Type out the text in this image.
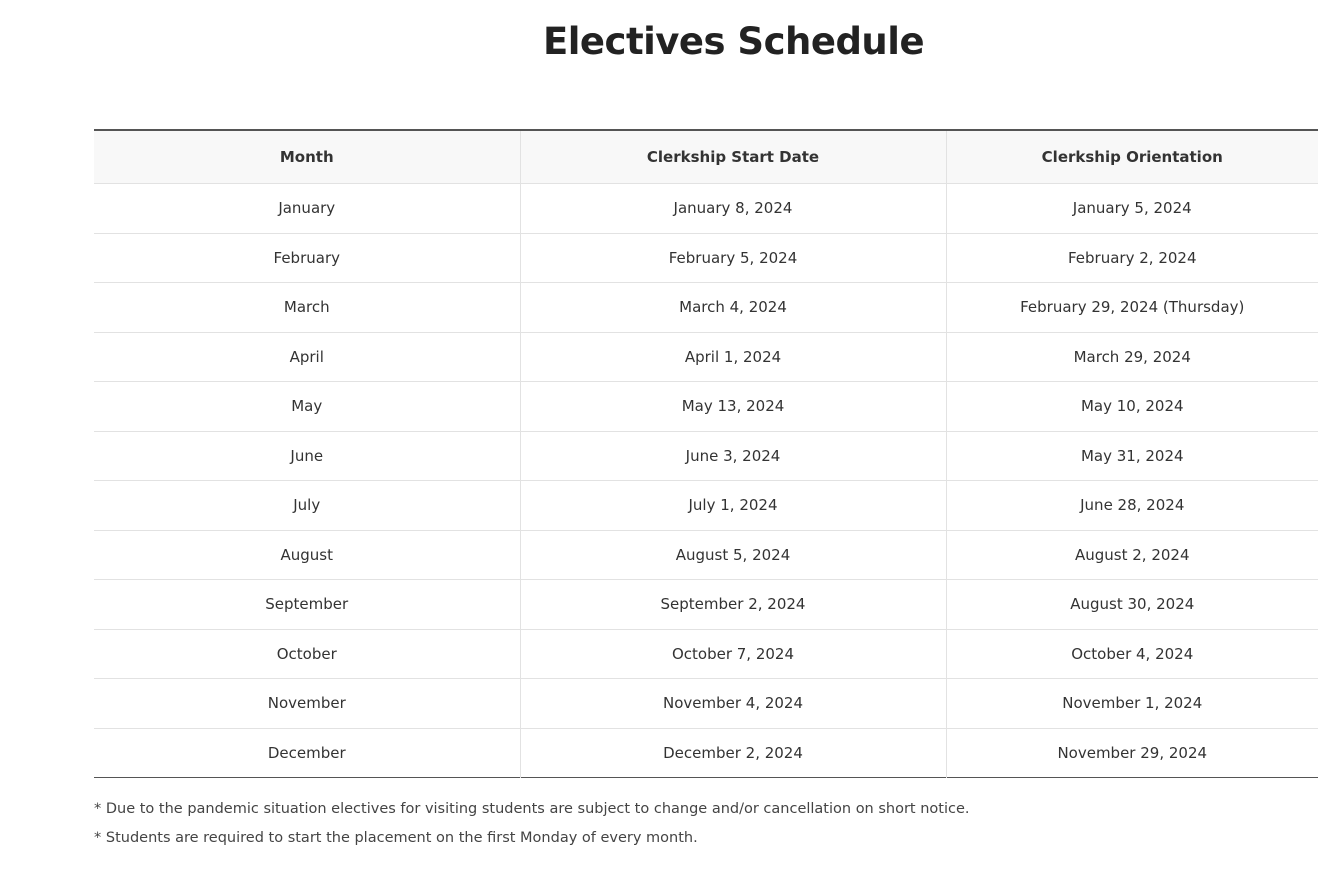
Electives Schedule
Month	Clerkship Start Date	Clerkship Orientation
January	January 8, 2024	January 5, 2024
February	February 5, 2024	February 2, 2024
March	March 4, 2024	February 29, 2024 (Thursday)
April	April 1, 2024	March 29, 2024
May	May 13, 2024	May 10, 2024
June	June 3, 2024	May 31, 2024
July	July 1, 2024	June 28, 2024
August	August 5, 2024	August 2, 2024
September	September 2, 2024	August 30, 2024
October	October 7, 2024	October 4, 2024
November	November 4, 2024	November 1, 2024
December	December 2, 2024	November 29, 2024

* Due to the pandemic situation electives for visiting students are subject to change and/or cancellation on short notice.

* Students are required to start the placement on the first Monday of every month.
